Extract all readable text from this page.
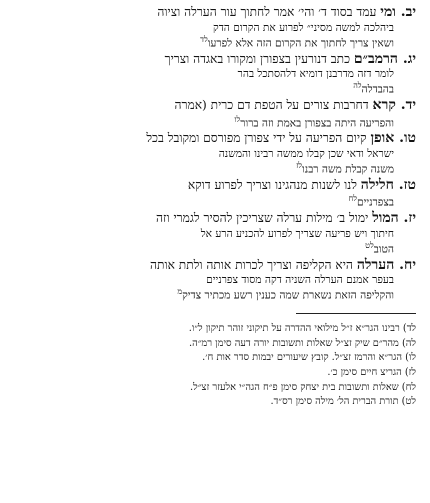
יב. ומי עמד בסוד ד׳ והי׳ אמר לחתוך עור הערלה וציוה
ביהלכה למשה מסיני״ לפרוע את הקרום הדק
ושאין צריך לחתוך את הקרום הזה אלא לפרעו$^{לד}$
יג. הרמב״ם כתב דנורעין בצפורן ומקורו באגדה וצריך
לומר דזה מדרבנן דומיא דלהסתכל בהר
בהבדלה$^{לה}$
יד. קרא דחרבות צורים על הטפת דם כרית (אמרה
והפריעה היתה בצפורן באמת וזה ברור$^{לו}$
טו. אופן קיום הפריעה על ידי צפורן מפורסם ומקובל בכל
ישראל ודאי שכן קבלו ממשה רבינו והמשנה
משנה קבלת משה רבנו$^{לז}$
טז. חלילה לנו לשנות מנהגינו וצריך לפרוע דוקא
בצפרניים$^{לח}$
יז. המול ימול ב׳ מילות ערלה שצריכין להסיר לגמרי וזה
חיתוך ויש פריעה שצריך לפרוע להכניע הרע אל
הטוב$^{לט}$
יח. הערלה היא הקליפה וצריך לכרות אותה ולתת אותה
בעפר אמנם הערלה השניה דקה מסוד צפרניים
והקליפה הזאת נשארת שמה כענין רשע מכתיר צדיק$^מ$
לד) רבינו הגר״א ז״ל מילואי ההדרה על תיקוני זוהר תיקון ל״ו.
לה) מהר״ם שיק זצ״ל שאלות ותשובות יורה דעה סימן רמ״ה.
לו) הגר״א והרמז זצ״ל. קובץ שיעורים יבמות סדר אות ח׳.
לז) הגריצ חיים סימן כ׳.
לח) שאלות ותשובות בית יצחק סימן פ״ח הגה״י אלעזר זצ״ל.
לט) תורת הברית הל׳ מילה סימן רס״ד.
